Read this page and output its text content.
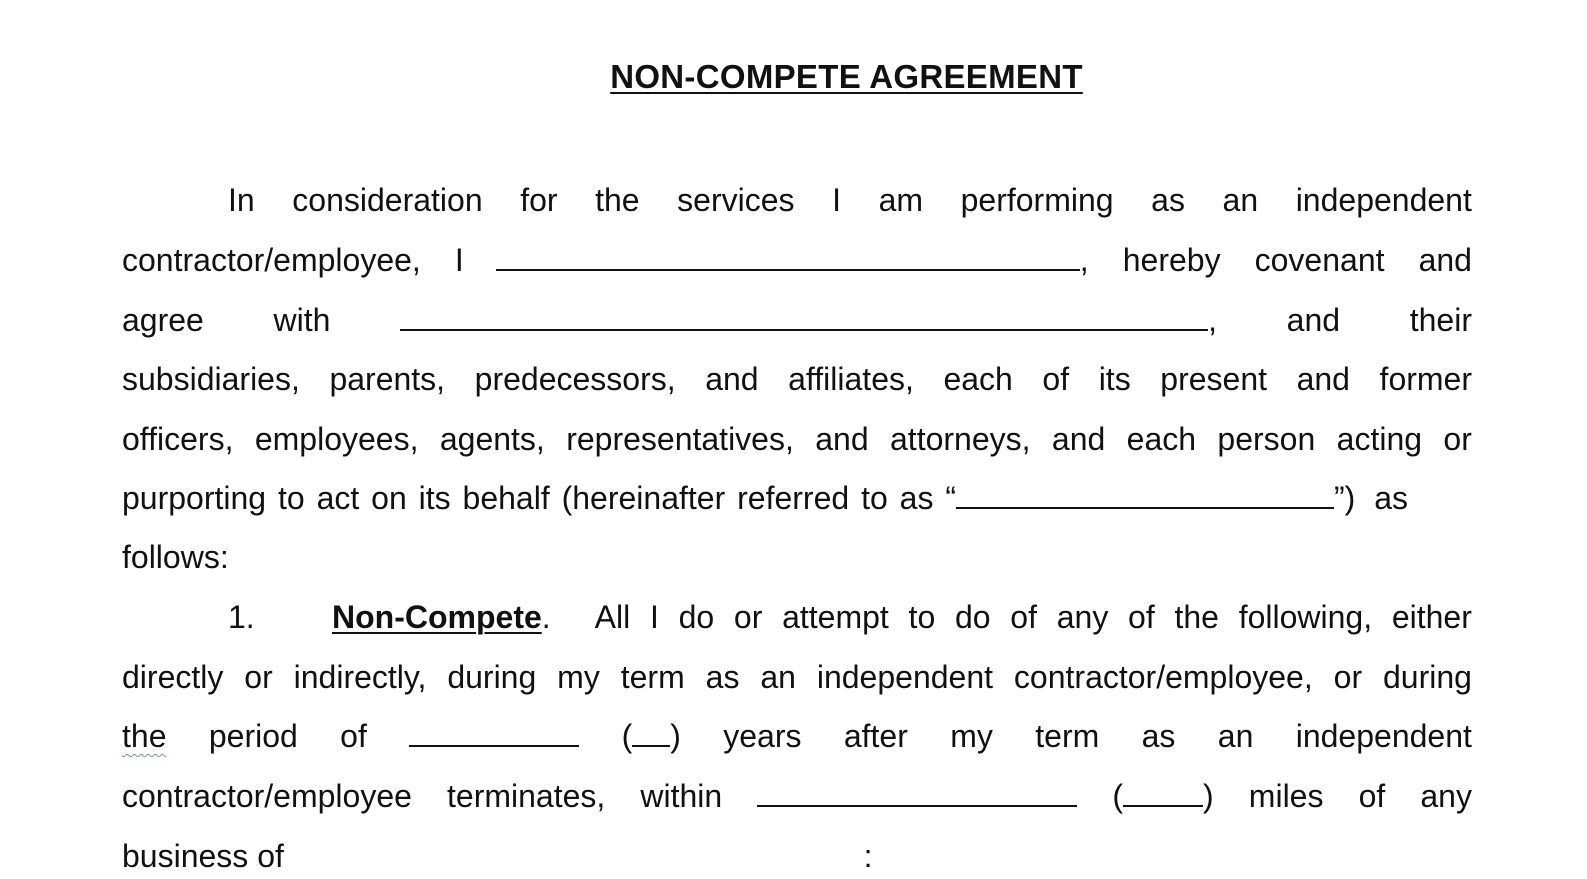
NON-COMPETE AGREEMENT
In consideration for the services I am performing as an independent
contractor/employee, I	, hereby covenant and
agree with	, and their
subsidiaries, parents, predecessors, and affiliates, each of its present and former
officers, employees, agents, representatives, and attorneys, and each person acting or
purporting to act on its behalf (hereinafter referred to as “	”) as
follows:
1.	Non-Compete. All I do or attempt to do of any of the following, either
directly or indirectly, during my term as an independent contractor/employee, or during
the period of	( ) years after my term as an independent
contractor/employee terminates, within	(	) miles of any
business of	:
